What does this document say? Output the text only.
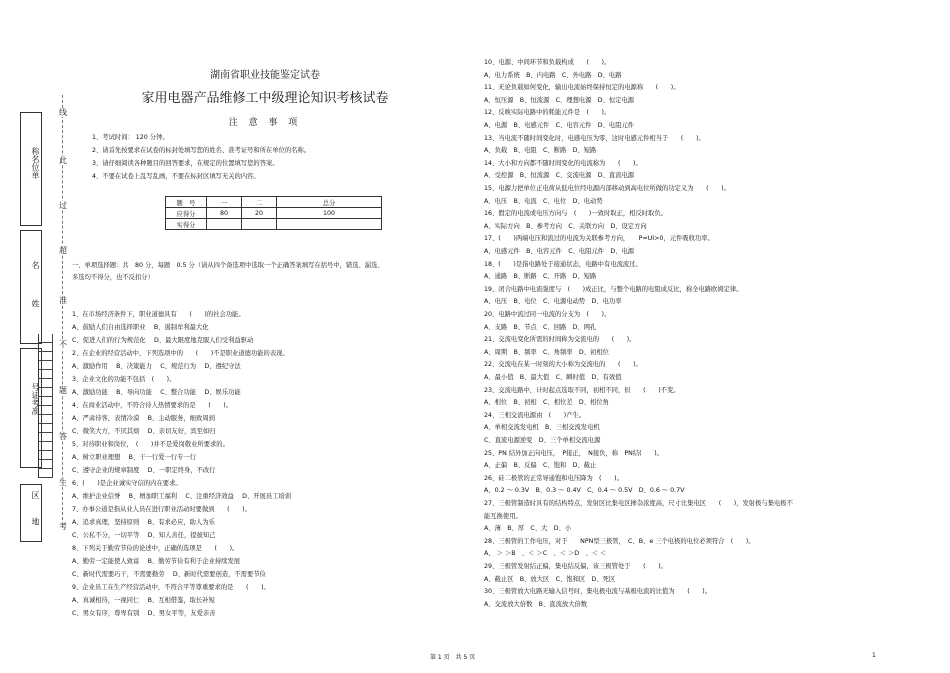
称名位单
名 姓
号证考准
区 地
线
此
过
超
准
不
题
答
生
考
湖南省职业技能鉴定试卷
家用电器产品维修工中级理论知识考核试卷
注 意 事 项
1、考试时间： 120 分钟。
2、请首先按要求在试卷的标封处填写您的姓名、准考证号和所在单位的名称。
3、请仔细阅读各种题目的回答要求，在规定的位置填写您的答案。
4、不要在试卷上乱写乱画，不要在标封区填写无关的内容。
题　号	一	二	总分
应得分	80	20	100
实得分			
一、单项选择题：共　80 分，每题　0.5 分（请从四个备选项中选取一个正确答案填写在括号中，错选、漏选、
多选均不得分，也不反扣分）
1、在市场经济条件下，职业道德具有　　(　　)的社会功能。
A、鼓励人们自由选择职业　 B、遏制牟利最大化
C、促进人们的行为规范化　 D、最大限度地克服人们受利益驱动
2、在企业的经营活动中，下列选项中的　　(　　)不是职业道德功能的表现。
A、激励作用　 B、决策能力　 C、规范行为　 D、遵纪守法
3、企业文化的功能不包括　(　　)。
A、激励功能　 B、导向功能　 C、整合功能　 D、娱乐功能
4、在商业活动中，不符合待人热情要求的是　　(　　)。
A、严肃待客，表情冷漠　 B、主动服务，细致周到
C、微笑大方，不厌其烦　 D、亲切友好，宾至如归
5、对待职业和岗位，　(　　)并不是爱岗敬业所要求的。
A、树立职业理想　 B、干一行爱一行专一行
C、遵守企业的规章制度　 D、一职定终身，不改行
6、(　　)是企业诚实守信的内在要求。
A、维护企业信誉　 B、增加职工福利　 C、注重经济效益　 D、开展员工培训
7、办事公道是指从业人员在进行职业活动时要做到　　(　　)。
A、追求真理，坚持原则　 B、有求必应，助人为乐
C、公私不分，一切平等　 D、知人善任，提拔知己
8、下列关于勤劳节俭的论述中，正确的选项是　　(　　)。
A、勤劳一定能使人致富　 B、勤劳节俭有利于企业持续发展
C、新时代需要巧干，不需要勤劳　 D、新时代需要创造，不需要节俭
9、企业员工在生产经营活动中，不符合平等尊重要求的是　　(　　)。
A、真诚相待，一视同仁　 B、互相借鉴，取长补短
C、男女有序，尊卑有别　 D、男女平等，友爱亲善
10、电源、中间环节和负载构成　　(　　)。
A、电力系统　B、内电路　C、外电路　D、电路
11、无论负载如何变化，输出电流始终保持恒定的电源称　　(　　)。
A、恒压源　B、恒流源　C、理想电源　D、恒定电源
12、反映实际电路中的耗能元件是　(　　)。
A、电源　B、电感元件　C、电容元件　D、电阻元件
13、当电流不随时间变化时，电感电压为零，这时电感元件相当于　　(　　)。
A、负载　B、电阻　C、断路　D、短路
14、大小和方向都不随时间变化的电流称为　　(　　)。
A、受控源　B、恒流源　C、交流电源　D、直流电源
15、电源力把单位正电荷从低电位经电源内部移动到高电位所做的功定义为　　(　　)。
A、电压　B、电流　C、电位　D、电动势
16、假定的电流或电压方向与　(　　)一致时取正，相反时取负。
A、实际方向　B、参考方向　C、关联方向　D、设定方向
17、(　　)两端电压和流过的电流为关联参考方向，　　P=UI>0，元件吸收功率。
A、电感元件　B、电容元件　C、电阻元件　D、电源
18、(　　)是指电路处于接通状态，电路中有电流流过。
A、通路　B、断路　C、开路　D、短路
19、闭合电路中电流强度与　(　　)成正比，与整个电路的电阻成反比，称全电路欧姆定律。
A、电压　B、电位　C、电源电动势　D、电功率
20、电路中流过同一电流的分支为　(　　)。
A、支路　B、节点　C、回路　D、网孔
21、交流电变化所需的时间称为交流电的　　(　　)。
A、周期　B、频率　C、角频率　D、初相位
22、交流电在某一时刻的大小称为交流电的　　(　　)。
A、最小值　B、最大值　C、瞬时值　D、有效值
23、交流电路中，计时起点选取不同，初相不同，但　　(　　)不变。
A、相位　B、初相　C、相位差　D、相位角
24、三相交流电源由　(　　)产生。
A、单相交流发电机　B、三相交流发电机
C、直流电源逆变　D、三个单相交流电源
25、PN 结外加正向电压，　P接正，　N接负，称　PN结(　　)。
A、正偏　B、反偏　C、饱和　D、截止
26、硅二极管的正常导通饱和电压降为　(　　)。
A、0.2 ～ 0.3V　B、0.3 ～ 0.4V　C、0.4 ～ 0.5V　D、0.6 ～ 0.7V
27、三极管制造时具有的结构特点，发射区比集电区掺杂浓度高，尺寸比集电区　　(　　)，发射极与集电极不
能互换使用。
A、薄　B、厚　C、大　D、小
28、三极管的工作电压，对于　　NPN型三极管，　C、B、e 三个电极的电位必须符合　(　　)。
A、 ＞ ＞B　、＜ ＞C　、＜ ＞D　、＜ ＜
29、三极管发射结正偏，集电结反偏，该三极管处于　　(　　)。
A、截止区　B、放大区　C、饱和区　D、死区
30、三极管放大电路无输入信号时，集电极电流与基极电流的比值为　　(　　)。
A、交流放大倍数　B、直流放大倍数
第 1 页　共 5 页	1
